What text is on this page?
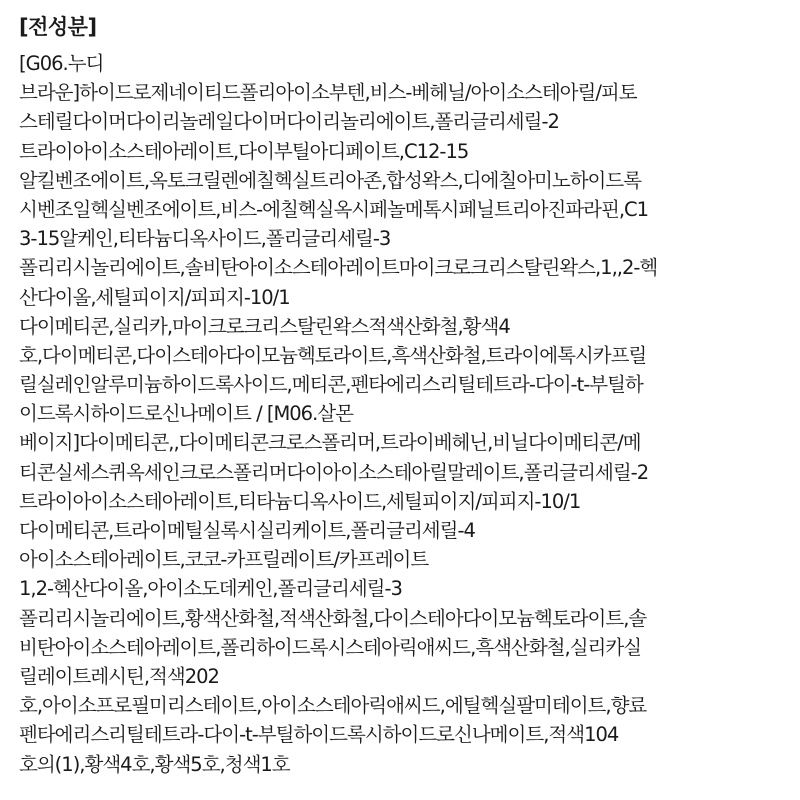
[전성분]
[G06.누디
브라운]하이드로제네이티드폴리아이소부텐,비스-베헤닐/아이소스테아릴/피토
스테릴다이머다이리놀레일다이머다이리놀리에이트,폴리글리세릴-2
트라이아이소스테아레이트,다이부틸아디페이트,C12-15
알킬벤조에이트,옥토크릴렌에칠헥실트리아존,합성왁스,디에칠아미노하이드록
시벤조일헥실벤조에이트,비스-에칠헥실옥시페놀메톡시페닐트리아진파라핀,C1
3-15알케인,티타늄디옥사이드,폴리글리세릴-3
폴리리시놀리에이트,솔비탄아이소스테아레이트마이크로크리스탈린왁스,1,,2-헥
산다이올,세틸피이지/피피지-10/1
다이메티콘,실리카,마이크로크리스탈린왁스적색산화철,황색4
호,다이메티콘,다이스테아다이모늄헥토라이트,흑색산화철,트라이에톡시카프릴
릴실레인알루미늄하이드록사이드,메티콘,펜타에리스리틸테트라-다이-t-부틸하
이드록시하이드로신나메이트 / [M06.살몬
베이지]다이메티콘,,다이메티콘크로스폴리머,트라이베헤닌,비닐다이메티콘/메
티콘실세스퀴옥세인크로스폴리머다이아이소스테아릴말레이트,폴리글리세릴-2
트라이아이소스테아레이트,티타늄디옥사이드,세틸피이지/피피지-10/1
다이메티콘,트라이메틸실록시실리케이트,폴리글리세릴-4
아이소스테아레이트,코코-카프릴레이트/카프레이트
1,2-헥산다이올,아이소도데케인,폴리글리세릴-3
폴리리시놀리에이트,황색산화철,적색산화철,다이스테아다이모늄헥토라이트,솔
비탄아이소스테아레이트,폴리하이드록시스테아릭애씨드,흑색산화철,실리카실
릴레이트레시틴,적색202
호,아이소프로필미리스테이트,아이소스테아릭애씨드,에틸헥실팔미테이트,향료
펜타에리스리틸테트라-다이-t-부틸하이드록시하이드로신나메이트,적색104
호의(1),황색4호,황색5호,청색1호
